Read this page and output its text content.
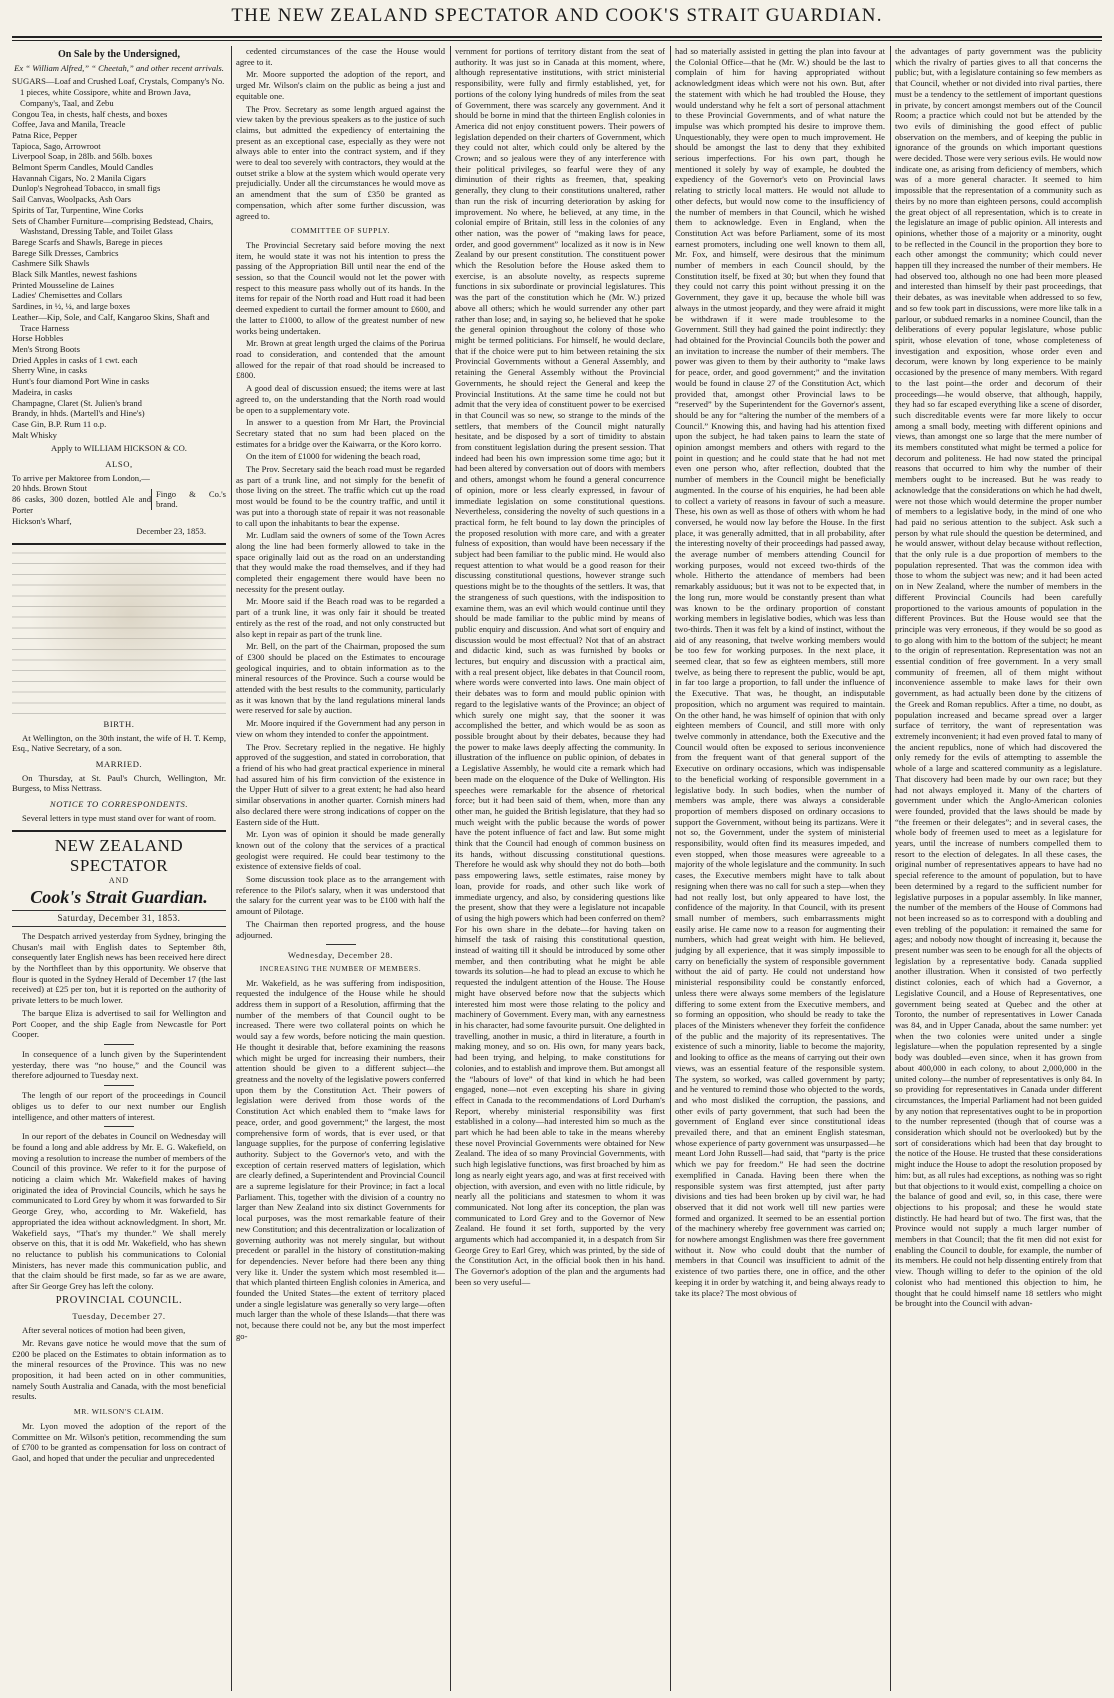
THE NEW ZEALAND SPECTATOR AND COOK'S STRAIT GUARDIAN.
On Sale by the Undersigned,
Ex “ William Alfred,” “ Cheetah,” and other recent arrivals.
SUGARS—Loaf and Crushed Loaf, Crystals, Company's No. 1 pieces, white Cossipore, white and Brown Java, Company's, Taal, and Zebu
Congou Tea, in chests, half chests, and boxes
Coffee, Java and Manila, Treacle
Patna Rice, Pepper
Tapioca, Sago, Arrowroot
Liverpool Soap, in 28lb. and 56lb. boxes
Belmont Sperm Candles, Mould Candles
Havannah Cigars, No. 2 Manila Cigars
Dunlop's Negrohead Tobacco, in small figs
Sail Canvas, Woolpacks, Ash Oars
Spirits of Tar, Turpentine, Wine Corks
Sets of Chamber Furniture—comprising Bedstead, Chairs, Washstand, Dressing Table, and Toilet Glass
Barege Scarfs and Shawls, Barege in pieces
Barege Silk Dresses, Cambrics
Cashmere Silk Shawls
Black Silk Mantles, newest fashions
Printed Mousseline de Laines
Ladies' Chemisettes and Collars
Sardines, in ½, ¼, and large boxes
Leather—Kip, Sole, and Calf, Kangaroo Skins, Shaft and Trace Harness
Horse Hobbles
Men's Strong Boots
Dried Apples in casks of 1 cwt. each
Sherry Wine, in casks
Hunt's four diamond Port Wine in casks
Madeira, in casks
Champagne, Claret (St. Julien's brand
Brandy, in hhds. (Martell's and Hine's)
Case Gin, B.P. Rum 11 o.p.
Malt Whisky
Apply to WILLIAM HICKSON & CO.
ALSO,
To arrive per Maktoree from London,—
20 hhds. Brown Stout
86 casks, 300 dozen, bottled Ale and Porter
Fingo & Co.'s brand.
Hickson's Wharf,
December 23, 1853.
BIRTH.

At Wellington, on the 30th instant, the wife of H. T. Kemp, Esq., Native Secretary, of a son.

MARRIED.

On Thursday, at St. Paul's Church, Wellington, Mr. Burgess, to Miss Nettrass.

NOTICE TO CORRESPONDENTS.

Several letters in type must stand over for want of room.

NEW ZEALAND SPECTATOR
AND
Cook's Strait Guardian.
Saturday, December 31, 1853.

The Despatch arrived yesterday from Sydney, bringing the Chusan's mail with English dates to September 8th, consequently later English news has been received here direct by the Northfleet than by this opportunity. We observe that flour is quoted in the Sydney Herald of December 17 (the last received) at £25 per ton, but it is reported on the authority of private letters to be much lower.

The barque Eliza is advertised to sail for Wellington and Port Cooper, and the ship Eagle from Newcastle for Port Cooper.

In consequence of a lunch given by the Superintendent yesterday, there was “no house,” and the Council was therefore adjourned to Tuesday next.

The length of our report of the proceedings in Council obliges us to defer to our next number our English intelligence, and other matters of interest.

In our report of the debates in Council on Wednesday will be found a long and able address by Mr. E. G. Wakefield, on moving a resolution to increase the number of members of the Council of this province. We refer to it for the purpose of noticing a claim which Mr. Wakefield makes of having originated the idea of Provincial Councils, which he says he communicated to Lord Grey by whom it was forwarded to Sir George Grey, who, according to Mr. Wakefield, has appropriated the idea without acknowledgment. In short, Mr. Wakefield says, “That's my thunder.” We shall merely observe on this, that it is odd Mr. Wakefield, who has shewn no reluctance to publish his communications to Colonial Ministers, has never made this communication public, and that the claim should be first made, so far as we are aware, after Sir George Grey has left the colony.

PROVINCIAL COUNCIL.
Tuesday, December 27.

After several notices of motion had been given,

Mr. Revans gave notice he would move that the sum of £200 be placed on the Estimates to obtain information as to the mineral resources of the Province. This was no new proposition, it had been acted on in other communities, namely South Australia and Canada, with the most beneficial results.

MR. WILSON'S CLAIM.

Mr. Lyon moved the adoption of the report of the Committee on Mr. Wilson's petition, recommending the sum of £700 to be granted as compensation for loss on contract of Gaol, and hoped that under the peculiar and unprecedented

cedented circumstances of the case the House would agree to it.

Mr. Moore supported the adoption of the report, and urged Mr. Wilson's claim on the public as being a just and equitable one.

The Prov. Secretary as some length argued against the view taken by the previous speakers as to the justice of such claims, but admitted the expediency of entertaining the present as an exceptional case, especially as they were not always able to enter into the contract system, and if they were to deal too severely with contractors, they would at the outset strike a blow at the system which would operate very prejudicially. Under all the circumstances he would move as an amendment that the sum of £350 be granted as compensation, which after some further discussion, was agreed to.

COMMITTEE OF SUPPLY.

The Provincial Secretary said before moving the next item, he would state it was not his intention to press the passing of the Appropriation Bill until near the end of the session, so that the Council would not let the power with respect to this measure pass wholly out of its hands. In the items for repair of the North road and Hutt road it had been deemed expedient to curtail the former amount to £600, and the latter to £1000, to allow of the greatest number of new works being undertaken.

Mr. Brown at great length urged the claims of the Porirua road to consideration, and contended that the amount allowed for the repair of that road should be increased to £800.

A good deal of discussion ensued; the items were at last agreed to, on the understanding that the North road would be open to a supplementary vote.

In answer to a question from Mr Hart, the Provincial Secretary stated that no sum had been placed on the estimates for a bridge over the Kaiwarra, or the Koro korro.

On the item of £1000 for widening the beach road,

The Prov. Secretary said the beach road must be regarded as part of a trunk line, and not simply for the benefit of those living on the street. The traffic which cut up the road most would be found to be the country traffic, and until it was put into a thorough state of repair it was not reasonable to call upon the inhabitants to bear the expense.

Mr. Ludlam said the owners of some of the Town Acres along the line had been formerly allowed to take in the space originally laid out as the road on an understanding that they would make the road themselves, and if they had completed their engagement there would have been no necessity for the present outlay.

Mr. Moore said if the Beach road was to be regarded a part of a trunk line, it was only fair it should be treated entirely as the rest of the road, and not only constructed but also kept in repair as part of the trunk line.

Mr. Bell, on the part of the Chairman, proposed the sum of £300 should be placed on the Estimates to encourage geological inquiries, and to obtain information as to the mineral resources of the Province. Such a course would be attended with the best results to the community, particularly as it was known that by the land regulations mineral lands were reserved for sale by auction.

Mr. Moore inquired if the Government had any person in view on whom they intended to confer the appointment.

The Prov. Secretary replied in the negative. He highly approved of the suggestion, and stated in corroboration, that a friend of his who had great practical experience in mineral had assured him of his firm conviction of the existence in the Upper Hutt of silver to a great extent; he had also heard similar observations in another quarter. Cornish miners had also declared there were strong indications of copper on the Eastern side of the Hutt.

Mr. Lyon was of opinion it should be made generally known out of the colony that the services of a practical geologist were required. He could bear testimony to the existence of extensive fields of coal.

Some discussion took place as to the arrangement with reference to the Pilot's salary, when it was understood that the salary for the current year was to be £100 with half the amount of Pilotage.

The Chairman then reported progress, and the house adjourned.

Wednesday, December 28.
INCREASING THE NUMBER OF MEMBERS.

Mr. Wakefield, as he was suffering from indisposition, requested the indulgence of the House while he should address them in support of a Resolution, affirming that the number of the members of that Council ought to be increased. There were two collateral points on which he would say a few words, before noticing the main question. He thought it desirable that, before examining the reasons which might be urged for increasing their numbers, their attention should be given to a different subject—the greatness and the novelty of the legislative powers conferred upon them by the Constitution Act. Their powers of legislation were derived from those words of the Constitution Act which enabled them to “make laws for peace, order, and good government;” the largest, the most comprehensive form of words, that is ever used, or that language supplies, for the purpose of conferring legislative authority. Subject to the Governor's veto, and with the exception of certain reserved matters of legislation, which are clearly defined, a Superintendent and Provincial Council are a supreme legislature for their Province; in fact a local Parliament. This, together with the division of a country no larger than New Zealand into six distinct Governments for local purposes, was the most remarkable feature of their new Constitution; and this decentralization or localization of governing authority was not merely singular, but without precedent or parallel in the history of constitution-making for dependencies. Never before had there been any thing very like it. Under the system which most resembled it—that which planted thirteen English colonies in America, and founded the United States—the extent of territory placed under a single legislature was generally so very large—often much larger than the whole of these Islands—that there was not, because there could not be, any but the most imperfect go-

vernment for portions of territory distant from the seat of authority. It was just so in Canada at this moment, where, although representative institutions, with strict ministerial responsibility, were fully and firmly established, yet, for portions of the colony lying hundreds of miles from the seat of Government, there was scarcely any government. And it should be borne in mind that the thirteen English colonies in America did not enjoy constituent powers. Their powers of legislation depended on their charters of Government, which they could not alter, which could only be altered by the Crown; and so jealous were they of any interference with their political privileges, so fearful were they of any diminution of their rights as freemen, that, speaking generally, they clung to their constitutions unaltered, rather than run the risk of incurring deterioration by asking for improvement. No where, he believed, at any time, in the colonial empire of Britain, still less in the colonies of any other nation, was the power of “making laws for peace, order, and good government” localized as it now is in New Zealand by our present constitution. The constituent power which the Resolution before the House asked them to exercise, is an absolute novelty, as respects supreme functions in six subordinate or provincial legislatures. This was the part of the constitution which he (Mr. W.) prized above all others; which he would surrender any other part rather than lose; and, in saying so, he believed that he spoke the general opinion throughout the colony of those who might be termed politicians. For himself, he would declare, that if the choice were put to him between retaining the six Provincial Governments without a General Assembly, and retaining the General Assembly without the Provincial Governments, he should reject the General and keep the Provincial Institutions. At the same time he could not but admit that the very idea of constituent power to be exercised in that Council was so new, so strange to the minds of the settlers, that members of the Council might naturally hesitate, and be disposed by a sort of timidity to abstain from constituent legislation during the present session. That indeed had been his own impression some time ago; but it had been altered by conversation out of doors with members and others, amongst whom he found a general concurrence of opinion, more or less clearly expressed, in favour of immediate legislation on some constitutional questions. Nevertheless, considering the novelty of such questions in a practical form, he felt bound to lay down the principles of the proposed resolution with more care, and with a greater fulness of exposition, than would have been necessary if the subject had been familiar to the public mind. He would also request attention to what would be a good reason for their discussing constitutional questions, however strange such questions might be to the thoughts of the settlers. It was, that the strangeness of such questions, with the indisposition to examine them, was an evil which would continue until they should be made familiar to the public mind by means of public enquiry and discussion. And what sort of enquiry and discussion would be most effectual? Not that of an abstract and didactic kind, such as was furnished by books or lectures, but enquiry and discussion with a practical aim, with a real present object, like debates in that Council room, where words were converted into laws. One main object of their debates was to form and mould public opinion with regard to the legislative wants of the Province; an object of which surely one might say, that the sooner it was accomplished the better, and which would be as soon as possible brought about by their debates, because they had the power to make laws deeply affecting the community. In illustration of the influence on public opinion, of debates in a Legislative Assembly, he would cite a remark which had been made on the eloquence of the Duke of Wellington. His speeches were remarkable for the absence of rhetorical force; but it had been said of them, when, more than any other man, he guided the British legislature, that they had so much weight with the public because the words of power have the potent influence of fact and law. But some might think that the Council had enough of common business on its hands, without discussing constitutional questions. Therefore he would ask why should they not do both—both pass empowering laws, settle estimates, raise money by loan, provide for roads, and other such like work of immediate urgency, and also, by considering questions like the present, show that they were a legislature not incapable of using the high powers which had been conferred on them? For his own share in the debate—for having taken on himself the task of raising this constitutional question, instead of waiting till it should be introduced by some other member, and then contributing what he might be able towards its solution—he had to plead an excuse to which he requested the indulgent attention of the House. The House might have observed before now that the subjects which interested him most were those relating to the policy and machinery of Government. Every man, with any earnestness in his character, had some favourite pursuit. One delighted in travelling, another in music, a third in literature, a fourth in making money, and so on. His own, for many years back, had been trying, and helping, to make constitutions for colonies, and to establish and improve them. But amongst all the “labours of love” of that kind in which he had been engaged, none—not even excepting his share in giving effect in Canada to the recommendations of Lord Durham's Report, whereby ministerial responsibility was first established in a colony—had interested him so much as the part which he had been able to take in the means whereby these novel Provincial Governments were obtained for New Zealand. The idea of so many Provincial Governments, with such high legislative functions, was first broached by him as long as nearly eight years ago, and was at first received with objection, with aversion, and even with no little ridicule, by nearly all the politicians and statesmen to whom it was communicated. Not long after its conception, the plan was communicated to Lord Grey and to the Governor of New Zealand. He found it set forth, supported by the very arguments which had accompanied it, in a despatch from Sir George Grey to Earl Grey, which was printed, by the side of the Constitution Act, in the official book then in his hand. The Governor's adoption of the plan and the arguments had been so very useful—

had so materially assisted in getting the plan into favour at the Colonial Office—that he (Mr. W.) should be the last to complain of him for having appropriated without acknowledgment ideas which were not his own. But, after the statement with which he had troubled the House, they would understand why he felt a sort of personal attachment to these Provincial Governments, and of what nature the impulse was which prompted his desire to improve them. Unquestionably, they were open to much improvement. He should be amongst the last to deny that they exhibited serious imperfections. For his own part, though he mentioned it solely by way of example, he doubted the expediency of the Governor's veto on Provincial laws relating to strictly local matters. He would not allude to other defects, but would now come to the insufficiency of the number of members in that Council, which he wished them to acknowledge. Even in England, when the Constitution Act was before Parliament, some of its most earnest promoters, including one well known to them all, Mr. Fox, and himself, were desirous that the minimum number of members in each Council should, by the Constitution itself, be fixed at 30; but when they found that they could not carry this point without pressing it on the Government, they gave it up, because the whole bill was always in the utmost jeopardy, and they were afraid it might be withdrawn if it were made troublesome to the Government. Still they had gained the point indirectly: they had obtained for the Provincial Councils both the power and an invitation to increase the number of their members. The power was given to them by their authority to “make laws for peace, order, and good government;” and the invitation would be found in clause 27 of the Constitution Act, which provided that, amongst other Provincial laws to be “reserved” by the Superintendent for the Governor's assent, should be any for “altering the number of the members of a Council.” Knowing this, and having had his attention fixed upon the subject, he had taken pains to learn the state of opinion amongst members and others with regard to the point in question; and he could state that he had not met even one person who, after reflection, doubted that the number of members in the Council might be beneficially augmented. In the course of his enquiries, he had been able to collect a variety of reasons in favour of such a measure. These, his own as well as those of others with whom he had conversed, he would now lay before the House. In the first place, it was generally admitted, that in all probability, after the interesting novelty of their proceedings had passed away, the average number of members attending Council for working purposes, would not exceed two-thirds of the whole. Hitherto the attendance of members had been remarkably assiduous; but it was not to be expected that, in the long run, more would be constantly present than what was known to be the ordinary proportion of constant working members in legislative bodies, which was less than two-thirds. Then it was felt by a kind of instinct, without the aid of any reasoning, that twelve working members would be too few for working purposes. In the next place, it seemed clear, that so few as eighteen members, still more twelve, as being there to represent the public, would be apt, in far too large a proportion, to fall under the influence of the Executive. That was, he thought, an indisputable proposition, which no argument was required to maintain. On the other hand, he was himself of opinion that with only eighteen members of Council, and still more with only twelve commonly in attendance, both the Executive and the Council would often be exposed to serious inconvenience from the frequent want of that general support of the Executive on ordinary occasions, which was indispensable to the beneficial working of responsible government in a legislative body. In such bodies, when the number of members was ample, there was always a considerable proportion of members disposed on ordinary occasions to support the Government, without being its partizans. Were it not so, the Government, under the system of ministerial responsibility, would often find its measures impeded, and even stopped, when those measures were agreeable to a majority of the whole legislature and the community. In such cases, the Executive members might have to talk about resigning when there was no call for such a step—when they had not really lost, but only appeared to have lost, the confidence of the majority. In that Council, with its present small number of members, such embarrassments might easily arise. He came now to a reason for augmenting their numbers, which had great weight with him. He believed, judging by all experience, that it was simply impossible to carry on beneficially the system of responsible government without the aid of party. He could not understand how ministerial responsibility could be constantly enforced, unless there were always some members of the legislature differing to some extent from the Executive members, and so forming an opposition, who should be ready to take the places of the Ministers whenever they forfeit the confidence of the public and the majority of its representatives. The existence of such a minority, liable to become the majority, and looking to office as the means of carrying out their own views, was an essential feature of the responsible system. The system, so worked, was called government by party; and he ventured to remind those who objected to the words, and who most disliked the corruption, the passions, and other evils of party government, that such had been the government of England ever since constitutional ideas prevailed there, and that an eminent English statesman, whose experience of party government was unsurpassed—he meant Lord John Russell—had said, that “party is the price which we pay for freedom.” He had seen the doctrine exemplified in Canada. Having been there when the responsible system was first attempted, just after party divisions and ties had been broken up by civil war, he had observed that it did not work well till new parties were formed and organized. It seemed to be an essential portion of the machinery whereby free government was carried on; for nowhere amongst Englishmen was there free government without it. Now who could doubt that the number of members in that Council was insufficient to admit of the existence of two parties there, one in office, and the other keeping it in order by watching it, and being always ready to take its place? The most obvious of

the advantages of party government was the publicity which the rivalry of parties gives to all that concerns the public; but, with a legislature containing so few members as that Council, whether or not divided into rival parties, there must be a tendency to the settlement of important questions in private, by concert amongst members out of the Council Room; a practice which could not but be attended by the two evils of diminishing the good effect of public observation on the members, and of keeping the public in ignorance of the grounds on which important questions were decided. Those were very serious evils. He would now indicate one, as arising from deficiency of members, which was of a more general character. It seemed to him impossible that the representation of a community such as theirs by no more than eighteen persons, could accomplish the great object of all representation, which is to create in the legislature an image of public opinion. All interests and opinions, whether those of a majority or a minority, ought to be reflected in the Council in the proportion they bore to each other amongst the community; which could never happen till they increased the number of their members. He had observed too, although no one had been more pleased and interested than himself by their past proceedings, that their debates, as was inevitable when addressed to so few, and so few took part in discussions, were more like talk in a parlour, or subdued remarks in a nominee Council, than the deliberations of every popular legislature, whose public spirit, whose elevation of tone, whose completeness of investigation and exposition, whose order even and decorum, were known by long experience to be mainly occasioned by the presence of many members. With regard to the last point—the order and decorum of their proceedings—he would observe, that although, happily, they had so far escaped everything like a scene of disorder, such discreditable events were far more likely to occur among a small body, meeting with different opinions and views, than amongst one so large that the mere number of its members constituted what might be termed a police for decorum and politeness. He had now stated the principal reasons that occurred to him why the number of their members ought to be increased. But he was ready to acknowledge that the considerations on which he had dwelt, were not those which would determine the proper number of members to a legislative body, in the mind of one who had paid no serious attention to the subject. Ask such a person by what rule should the question be determined, and he would answer, without delay because without reflection, that the only rule is a due proportion of members to the population represented. That was the common idea with those to whom the subject was new; and it had been acted on in New Zealand, where the number of members in the different Provincial Councils had been carefully proportioned to the various amounts of population in the different Provinces. But the House would see that the principle was very erroneous, if they would be so good as to go along with him to the bottom of the subject; he meant to the origin of representation. Representation was not an essential condition of free government. In a very small community of freemen, all of them might without inconvenience assemble to make laws for their own government, as had actually been done by the citizens of the Greek and Roman republics. After a time, no doubt, as population increased and became spread over a larger surface of territory, the want of representation was extremely inconvenient; it had even proved fatal to many of the ancient republics, none of which had discovered the only remedy for the evils of attempting to assemble the whole of a large and scattered community as a legislature. That discovery had been made by our own race; but they had not always employed it. Many of the charters of government under which the Anglo-American colonies were founded, provided that the laws should be made by “the freemen or their delegates”; and in several cases, the whole body of freemen used to meet as a legislature for years, until the increase of numbers compelled them to resort to the election of delegates. In all these cases, the original number of representatives appears to have had no special reference to the amount of population, but to have been determined by a regard to the sufficient number for legislative purposes in a popular assembly. In like manner, the number of the members of the House of Commons had not been increased so as to correspond with a doubling and even trebling of the population: it remained the same for ages; and nobody now thought of increasing it, because the present number was seen to be enough for all the objects of legislation by a representative body. Canada supplied another illustration. When it consisted of two perfectly distinct colonies, each of which had a Governor, a Legislative Council, and a House of Representatives, one government being seated at Quebec and the other at Toronto, the number of representatives in Lower Canada was 84, and in Upper Canada, about the same number: yet when the two colonies were united under a single legislature—when the population represented by a single body was doubled—even since, when it has grown from about 400,000 in each colony, to about 2,000,000 in the united colony—the number of representatives is only 84. In so providing for representatives in Canada under different circumstances, the Imperial Parliament had not been guided by any notion that representatives ought to be in proportion to the number represented (though that of course was a consideration which should not be overlooked) but by the sort of considerations which had been that day brought to the notice of the House. He trusted that these considerations might induce the House to adopt the resolution proposed by him: but, as all rules had exceptions, as nothing was so right but that objections to it would exist, compelling a choice on the balance of good and evil, so, in this case, there were objections to his proposal; and these he would state distinctly. He had heard but of two. The first was, that the Province would not supply a much larger number of members in that Council; that the fit men did not exist for enabling the Council to double, for example, the number of its members. He could not help dissenting entirely from that view. Though willing to defer to the opinion of the old colonist who had mentioned this objection to him, he thought that he could himself name 18 settlers who might be brought into the Council with advan-
